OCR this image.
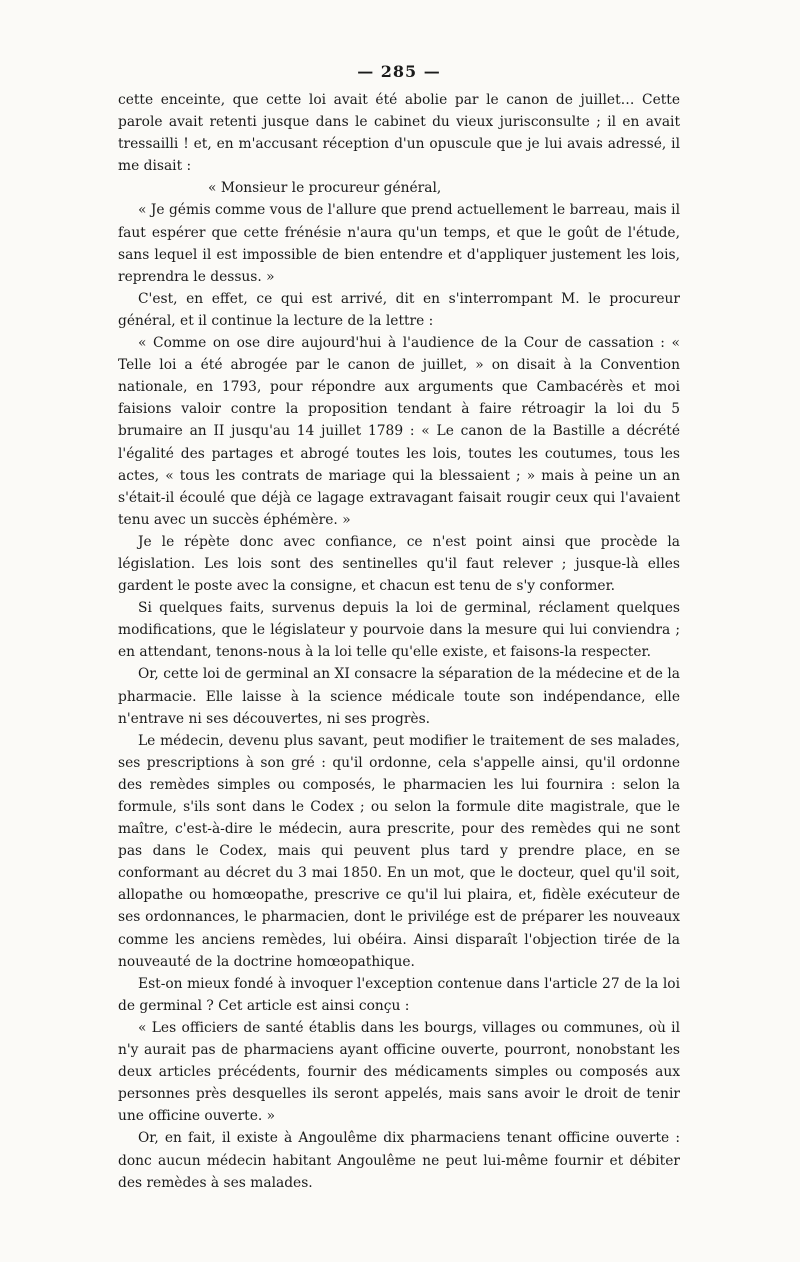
— 285 —

cette enceinte, que cette loi avait été abolie par le canon de juillet… Cette parole avait retenti jusque dans le cabinet du vieux jurisconsulte ; il en avait tressailli ! et, en m'accusant réception d'un opuscule que je lui avais adressé, il me disait :

« Monsieur le procureur général,

« Je gémis comme vous de l'allure que prend actuellement le barreau, mais il faut espérer que cette frénésie n'aura qu'un temps, et que le goût de l'étude, sans lequel il est impossible de bien entendre et d'appliquer justement les lois, reprendra le dessus. »

C'est, en effet, ce qui est arrivé, dit en s'interrompant M. le procureur général, et il continue la lecture de la lettre :

« Comme on ose dire aujourd'hui à l'audience de la Cour de cassation : « Telle loi a été abrogée par le canon de juillet, » on disait à la Convention nationale, en 1793, pour répondre aux arguments que Cambacérès et moi faisions valoir contre la proposition tendant à faire rétroagir la loi du 5 brumaire an II jusqu'au 14 juillet 1789 : « Le canon de la Bastille a décrété l'égalité des partages et abrogé toutes les lois, toutes les coutumes, tous les actes, « tous les contrats de mariage qui la blessaient ; » mais à peine un an s'était-il écoulé que déjà ce lagage extravagant faisait rougir ceux qui l'avaient tenu avec un succès éphémère. »

Je le répète donc avec confiance, ce n'est point ainsi que procède la législation. Les lois sont des sentinelles qu'il faut relever ; jusque-là elles gardent le poste avec la consigne, et chacun est tenu de s'y conformer.

Si quelques faits, survenus depuis la loi de germinal, réclament quelques modifications, que le législateur y pourvoie dans la mesure qui lui conviendra ; en attendant, tenons-nous à la loi telle qu'elle existe, et faisons-la respecter.

Or, cette loi de germinal an XI consacre la séparation de la médecine et de la pharmacie. Elle laisse à la science médicale toute son indépendance, elle n'entrave ni ses découvertes, ni ses progrès.

Le médecin, devenu plus savant, peut modifier le traitement de ses malades, ses prescriptions à son gré : qu'il ordonne, cela s'appelle ainsi, qu'il ordonne des remèdes simples ou composés, le pharmacien les lui fournira : selon la formule, s'ils sont dans le Codex ; ou selon la formule dite magistrale, que le maître, c'est-à-dire le médecin, aura prescrite, pour des remèdes qui ne sont pas dans le Codex, mais qui peuvent plus tard y prendre place, en se conformant au décret du 3 mai 1850. En un mot, que le docteur, quel qu'il soit, allopathe ou homœopathe, prescrive ce qu'il lui plaira, et, fidèle exécuteur de ses ordonnances, le pharmacien, dont le privilége est de préparer les nouveaux comme les anciens remèdes, lui obéira. Ainsi disparaît l'objection tirée de la nouveauté de la doctrine homœopathique.

Est-on mieux fondé à invoquer l'exception contenue dans l'article 27 de la loi de germinal ? Cet article est ainsi conçu :

« Les officiers de santé établis dans les bourgs, villages ou communes, où il n'y aurait pas de pharmaciens ayant officine ouverte, pourront, nonobstant les deux articles précédents, fournir des médicaments simples ou composés aux personnes près desquelles ils seront appelés, mais sans avoir le droit de tenir une officine ouverte. »

Or, en fait, il existe à Angoulême dix pharmaciens tenant officine ouverte : donc aucun médecin habitant Angoulême ne peut lui-même fournir et débiter des remèdes à ses malades.
